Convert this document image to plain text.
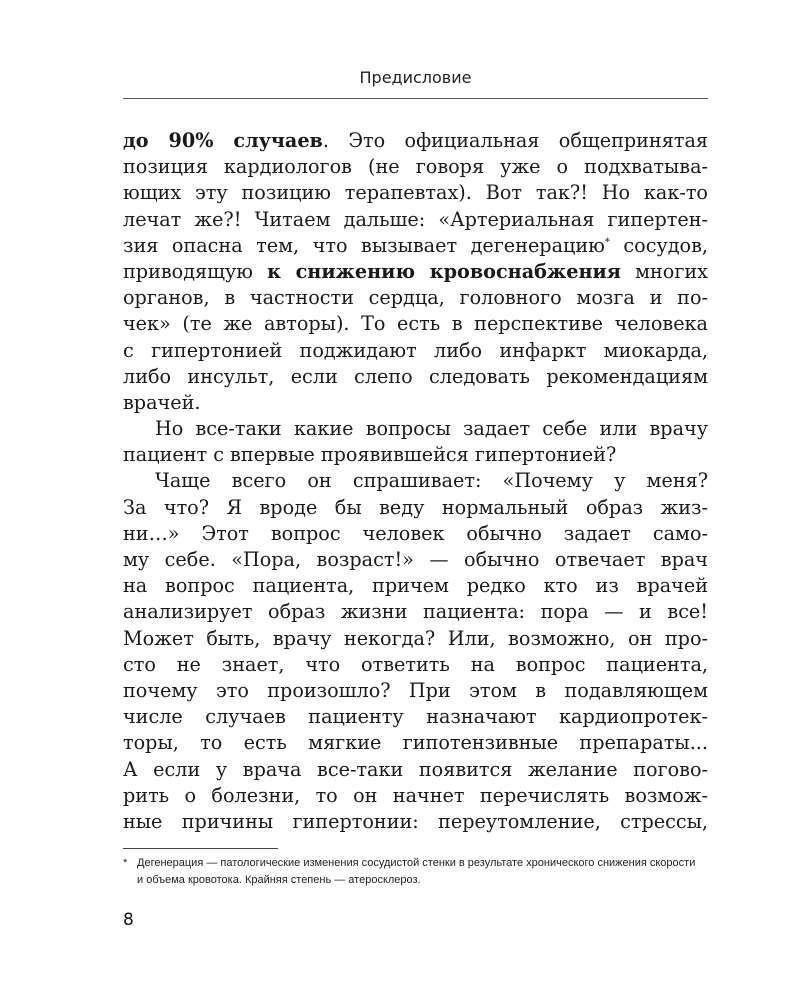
Предисловие
до 90% случаев. Это официальная общепринятая
позиция кардиологов (не говоря уже о подхватыва-
ющих эту позицию терапевтах). Вот так?! Но как-то
лечат же?! Читаем дальше: «Артериальная гипертен-
зия опасна тем, что вызывает дегенерацию* сосудов,
приводящую к снижению кровоснабжения многих
органов, в частности сердца, головного мозга и по-
чек» (те же авторы). То есть в перспективе человека
с гипертонией поджидают либо инфаркт миокарда,
либо инсульт, если слепо следовать рекомендациям
врачей.
Но все-таки какие вопросы задает себе или врачу
пациент с впервые проявившейся гипертонией?
Чаще всего он спрашивает: «Почему у меня?
За что? Я вроде бы веду нормальный образ жиз-
ни…» Этот вопрос человек обычно задает само-
му себе. «Пора, возраст!» — обычно отвечает врач
на вопрос пациента, причем редко кто из врачей
анализирует образ жизни пациента: пора — и все!
Может быть, врачу некогда? Или, возможно, он про-
сто не знает, что ответить на вопрос пациента,
почему это произошло? При этом в подавляющем
числе случаев пациенту назначают кардиопротек-
торы, то есть мягкие гипотензивные препараты...
А если у врача все-таки появится желание погово-
рить о болезни, то он начнет перечислять возмож-
ные причины гипертонии: переутомление, стрессы,
* Дегенерация — патологические изменения сосудистой стенки в результате хронического снижения скорости
и объема кровотока. Крайняя степень — атеросклероз.
8
